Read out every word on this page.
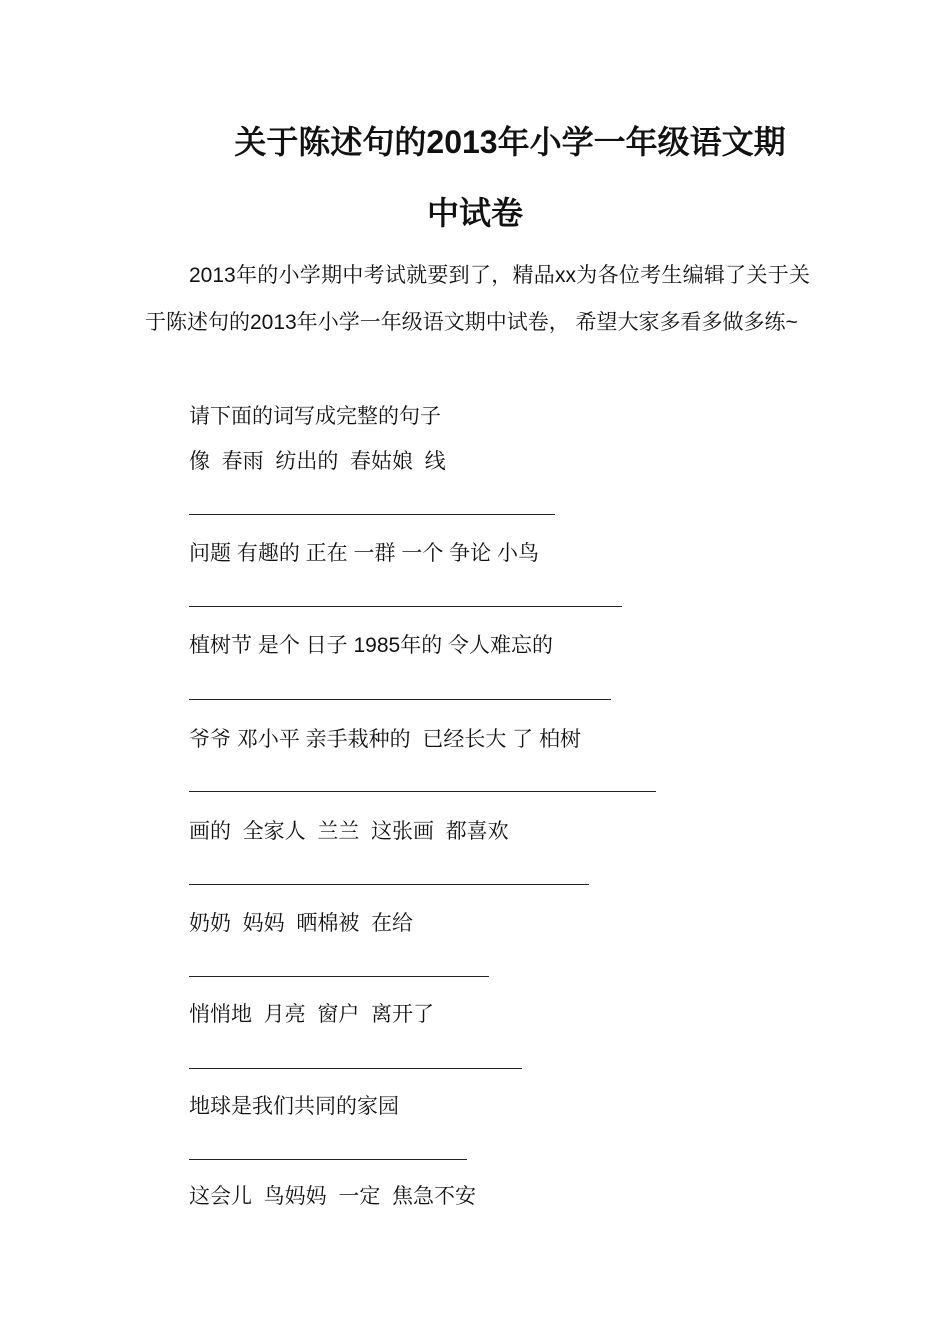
关于陈述句的2013年小学一年级语文期
中试卷
2013年的小学期中考试就要到了，精品xx为各位考生编辑了关于关于陈述句的2013年小学一年级语文期中试卷， 希望大家多看多做多练~
请下面的词写成完整的句子
像  春雨  纺出的  春姑娘  线
问题 有趣的 正在 一群 一个 争论 小鸟
植树节 是个 日子 1985年的 令人难忘的
爷爷 邓小平 亲手栽种的  已经长大 了 柏树
画的  全家人  兰兰  这张画  都喜欢
奶奶  妈妈  晒棉被  在给
悄悄地  月亮  窗户  离开了
地球是我们共同的家园
这会儿  鸟妈妈  一定  焦急不安
